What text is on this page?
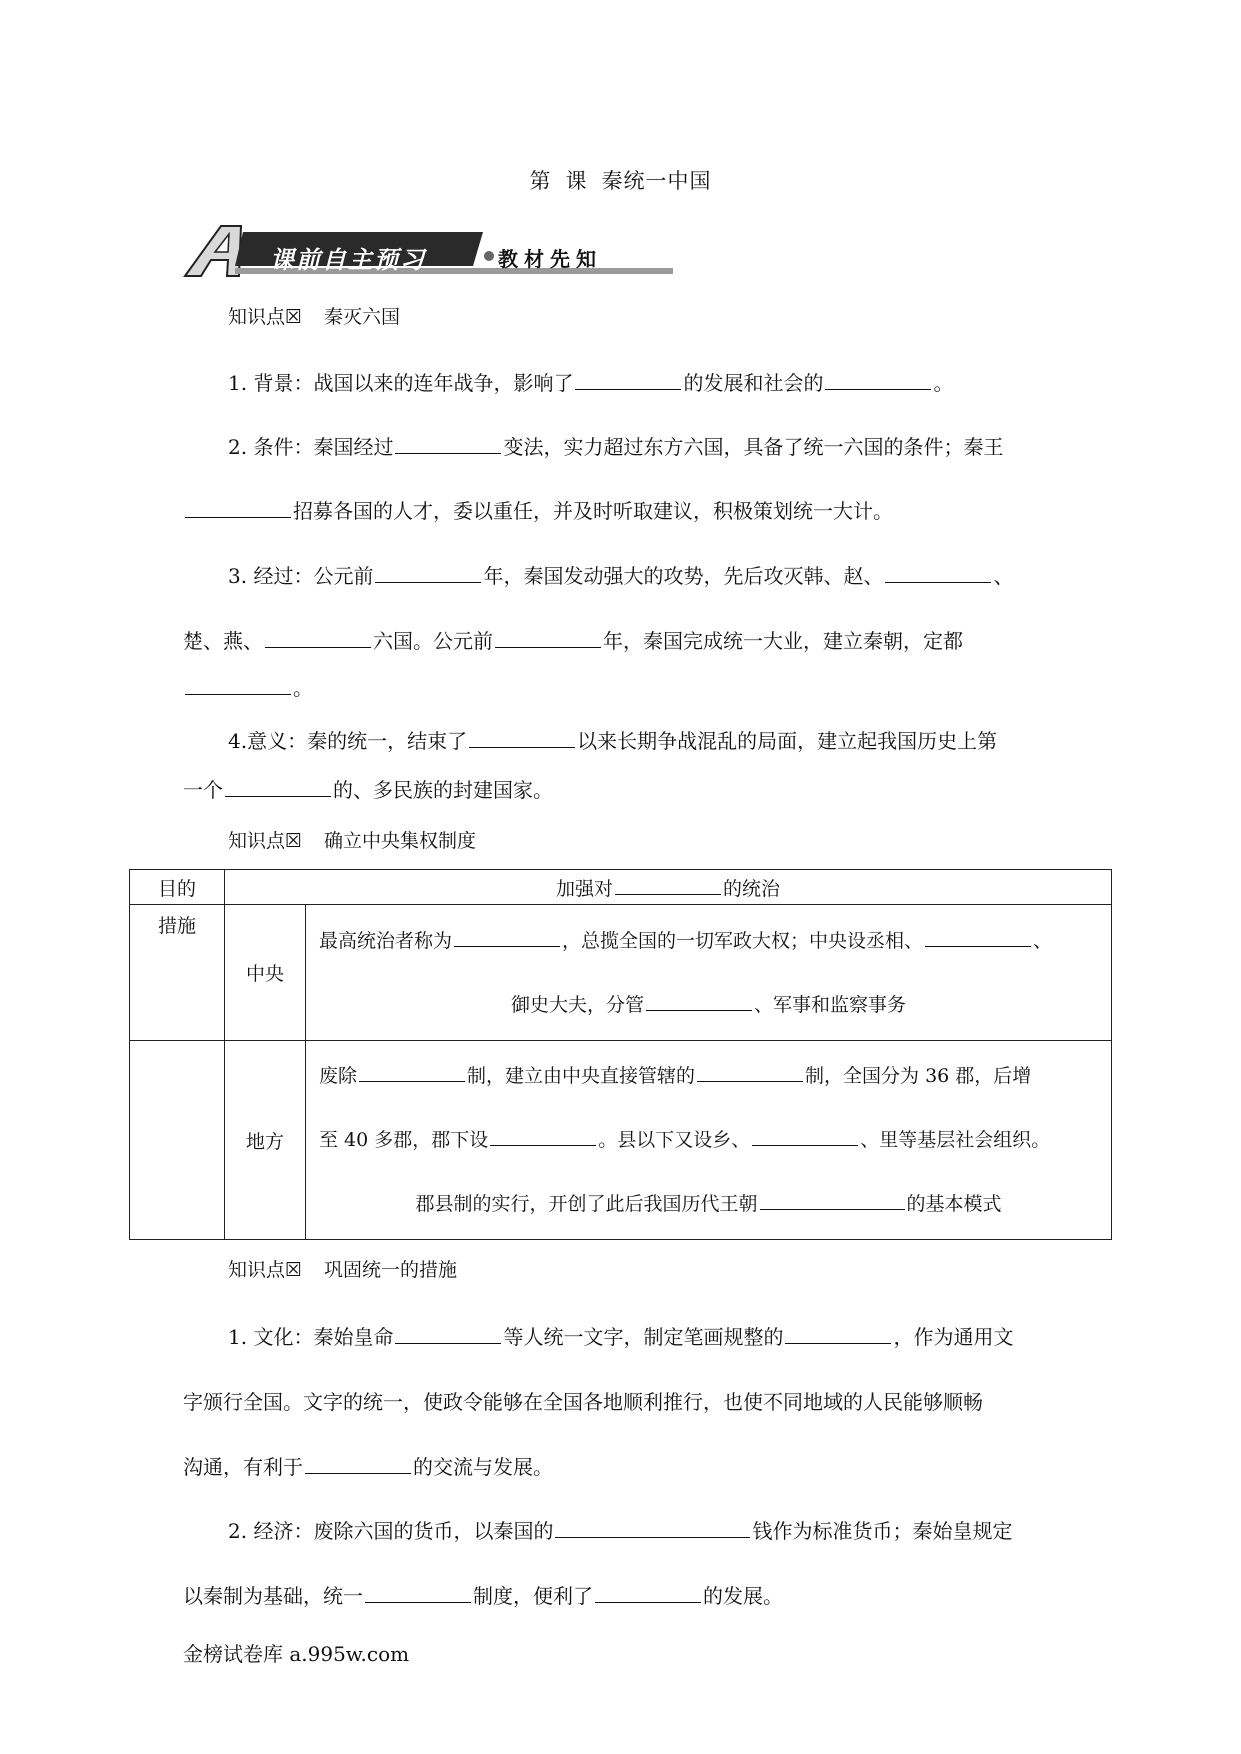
第 课 秦统一中国
课前自主预习	教材先知
知识点☒ 秦灭六国
1. 背景：战国以来的连年战争，影响了	的发展和社会的	。
2. 条件：秦国经过	变法，实力超过东方六国，具备了统一六国的条件；秦王
招募各国的人才，委以重任，并及时听取建议，积极策划统一大计。
3. 经过：公元前	年，秦国发动强大的攻势，先后攻灭韩、赵、	、
楚、燕、	六国。公元前	年，秦国完成统一大业，建立秦朝，定都
。
4.意义：秦的统一，结束了	以来长期争战混乱的局面，建立起我国历史上第
一个	的、多民族的封建国家。
知识点☒ 确立中央集权制度
目的	加强对 的统治	
措施	中央	最高统治者称为 ，总揽全国的一切军政大权；中央设丞相、 、
御史大夫，分管 、军事和监察事务

	地方	废除 制，建立由中央直接管辖的 制，全国分为 36 郡，后增
至 40 多郡，郡下设 。县以下又设乡、 、里等基层社会组织。
郡县制的实行，开创了此后我国历代王朝 的基本模式
知识点☒ 巩固统一的措施
1. 文化：秦始皇命	等人统一文字，制定笔画规整的	，作为通用文
字颁行全国。文字的统一，使政令能够在全国各地顺利推行，也使不同地域的人民能够顺畅
沟通，有利于	的交流与发展。
2. 经济：废除六国的货币，以秦国的	钱作为标准货币；秦始皇规定
以秦制为基础，统一	制度，便利了	的发展。
金榜试卷库 a.995w.com
